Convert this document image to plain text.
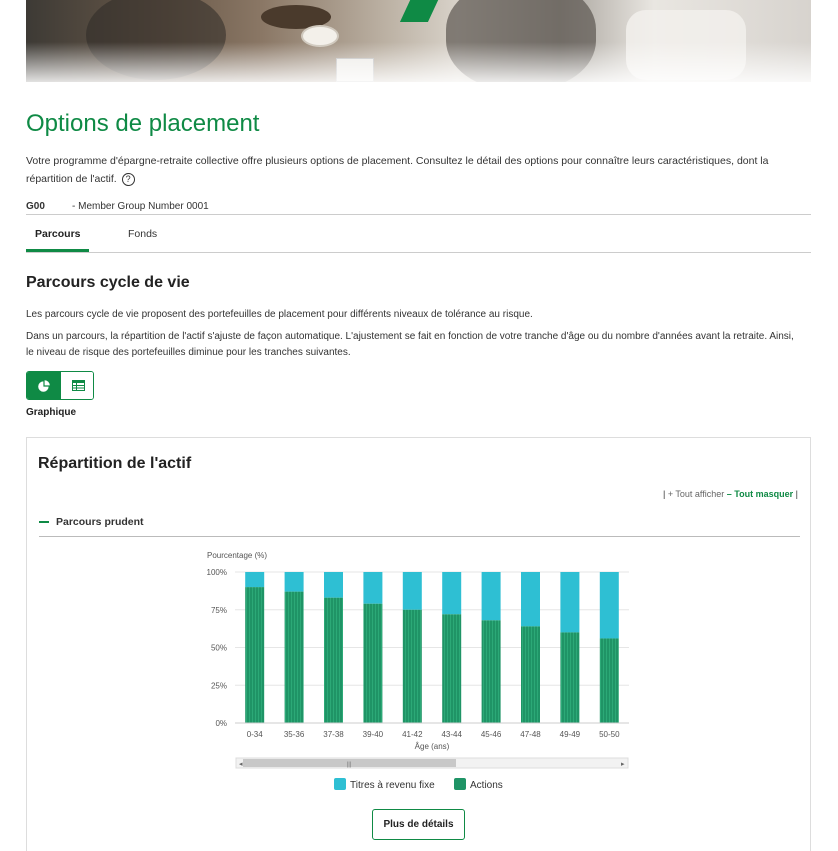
Options de placement
Votre programme d'épargne-retraite collective offre plusieurs options de placement. Consultez le détail des options pour connaître leurs caractéristiques, dont la répartition de l'actif. ?
G00	- Member Group Number 0001
Parcours	Fonds
Parcours cycle de vie

Les parcours cycle de vie proposent des portefeuilles de placement pour différents niveaux de tolérance au risque.

Dans un parcours, la répartition de l'actif s'ajuste de façon automatique. L'ajustement se fait en fonction de votre tranche d'âge ou du nombre d'années avant la retraite. Ainsi, le niveau de risque des portefeuilles diminue pour les tranches suivantes.

Graphique
Répartition de l'actif
| + Tout afficher – Tout masquer |
Parcours prudent
Pourcentage (%)
0%
25%
50%
75%
100%
0-34	35-36 37-38 39-40 41-42 43-44 45-46 47-48 49-49 50-50
Âge (ans)
◂	▸
|||
Titres à revenu fixe	Actions
Plus de détails
